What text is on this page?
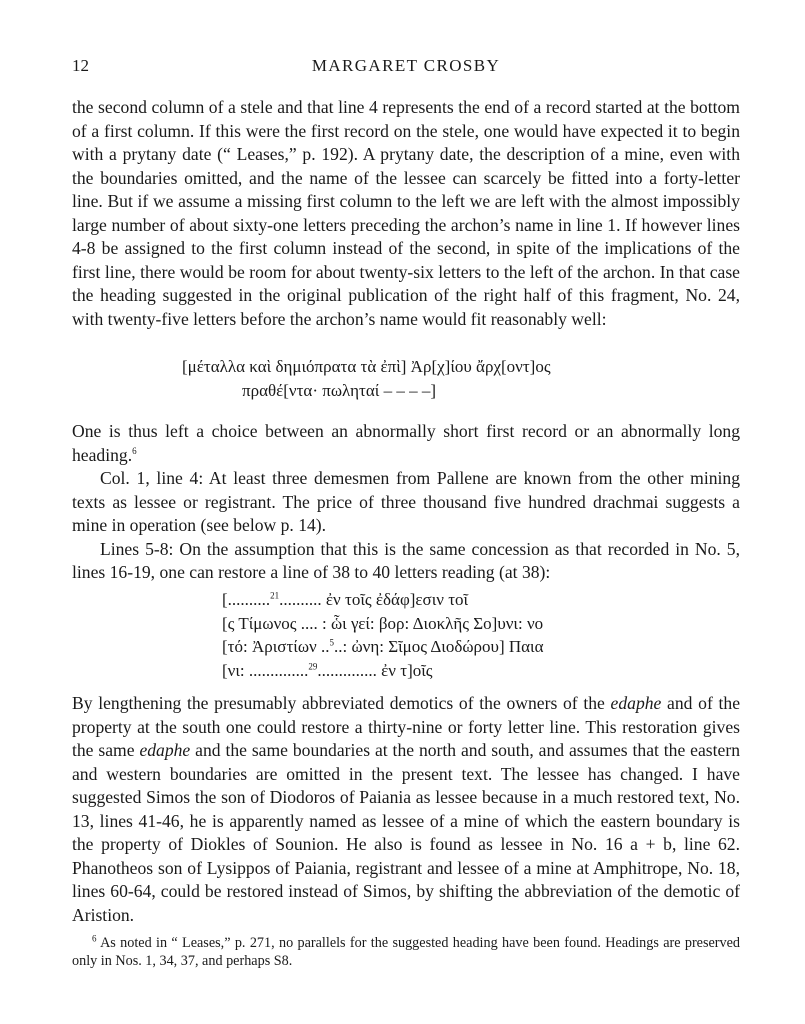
12	MARGARET CROSBY

the second column of a stele and that line 4 represents the end of a record started at the bottom of a first column. If this were the first record on the stele, one would have expected it to begin with a prytany date (“ Leases,” p. 192). A prytany date, the description of a mine, even with the boundaries omitted, and the name of the lessee can scarcely be fitted into a forty-letter line. But if we assume a missing first column to the left we are left with the almost impossibly large number of about sixty-one letters preceding the archon’s name in line 1. If however lines 4-8 be assigned to the first column instead of the second, in spite of the implications of the first line, there would be room for about twenty-six letters to the left of the archon. In that case the heading suggested in the original publication of the right half of this fragment, No. 24, with twenty-five letters before the archon’s name would fit reasonably well:

[μέταλλα καὶ δημιόπρατα τὰ ἐπὶ] Ἀρ[χ]ίου ἄρχ[οντ]ος
πραθέ[ντα· πωληταί – – – –]

One is thus left a choice between an abnormally short first record or an abnormally long heading.$^6$

Col. 1, line 4: At least three demesmen from Pallene are known from the other mining texts as lessee or registrant. The price of three thousand five hundred drachmai suggests a mine in operation (see below p. 14).

Lines 5-8: On the assumption that this is the same concession as that recorded in No. 5, lines 16-19, one can restore a line of 38 to 40 letters reading (at 38):

[..........$^{21}$.......... ἐν τοῖς ἐδάφ]εσιν τοῖ
[ς Τίμωνος .... : ὧι γεί: βορ: Διοκλῆς Σο]υνι: νο
[τό: Ἀριστίων ..$^5$..: ὠνη: Σῖμος Διοδώρου] Παια
[νι: ..............$^{29}$.............. ἐν τ]οῖς

By lengthening the presumably abbreviated demotics of the owners of the edaphe and of the property at the south one could restore a thirty-nine or forty letter line. This restoration gives the same edaphe and the same boundaries at the north and south, and assumes that the eastern and western boundaries are omitted in the present text. The lessee has changed. I have suggested Simos the son of Diodoros of Paiania as lessee because in a much restored text, No. 13, lines 41-46, he is apparently named as lessee of a mine of which the eastern boundary is the property of Diokles of Sounion. He also is found as lessee in No. 16 a + b, line 62. Phanotheos son of Lysippos of Paiania, registrant and lessee of a mine at Amphitrope, No. 18, lines 60-64, could be restored instead of Simos, by shifting the abbreviation of the demotic of Aristion.

$^6$ As noted in “ Leases,” p. 271, no parallels for the suggested heading have been found. Headings are preserved only in Nos. 1, 34, 37, and perhaps S8.
